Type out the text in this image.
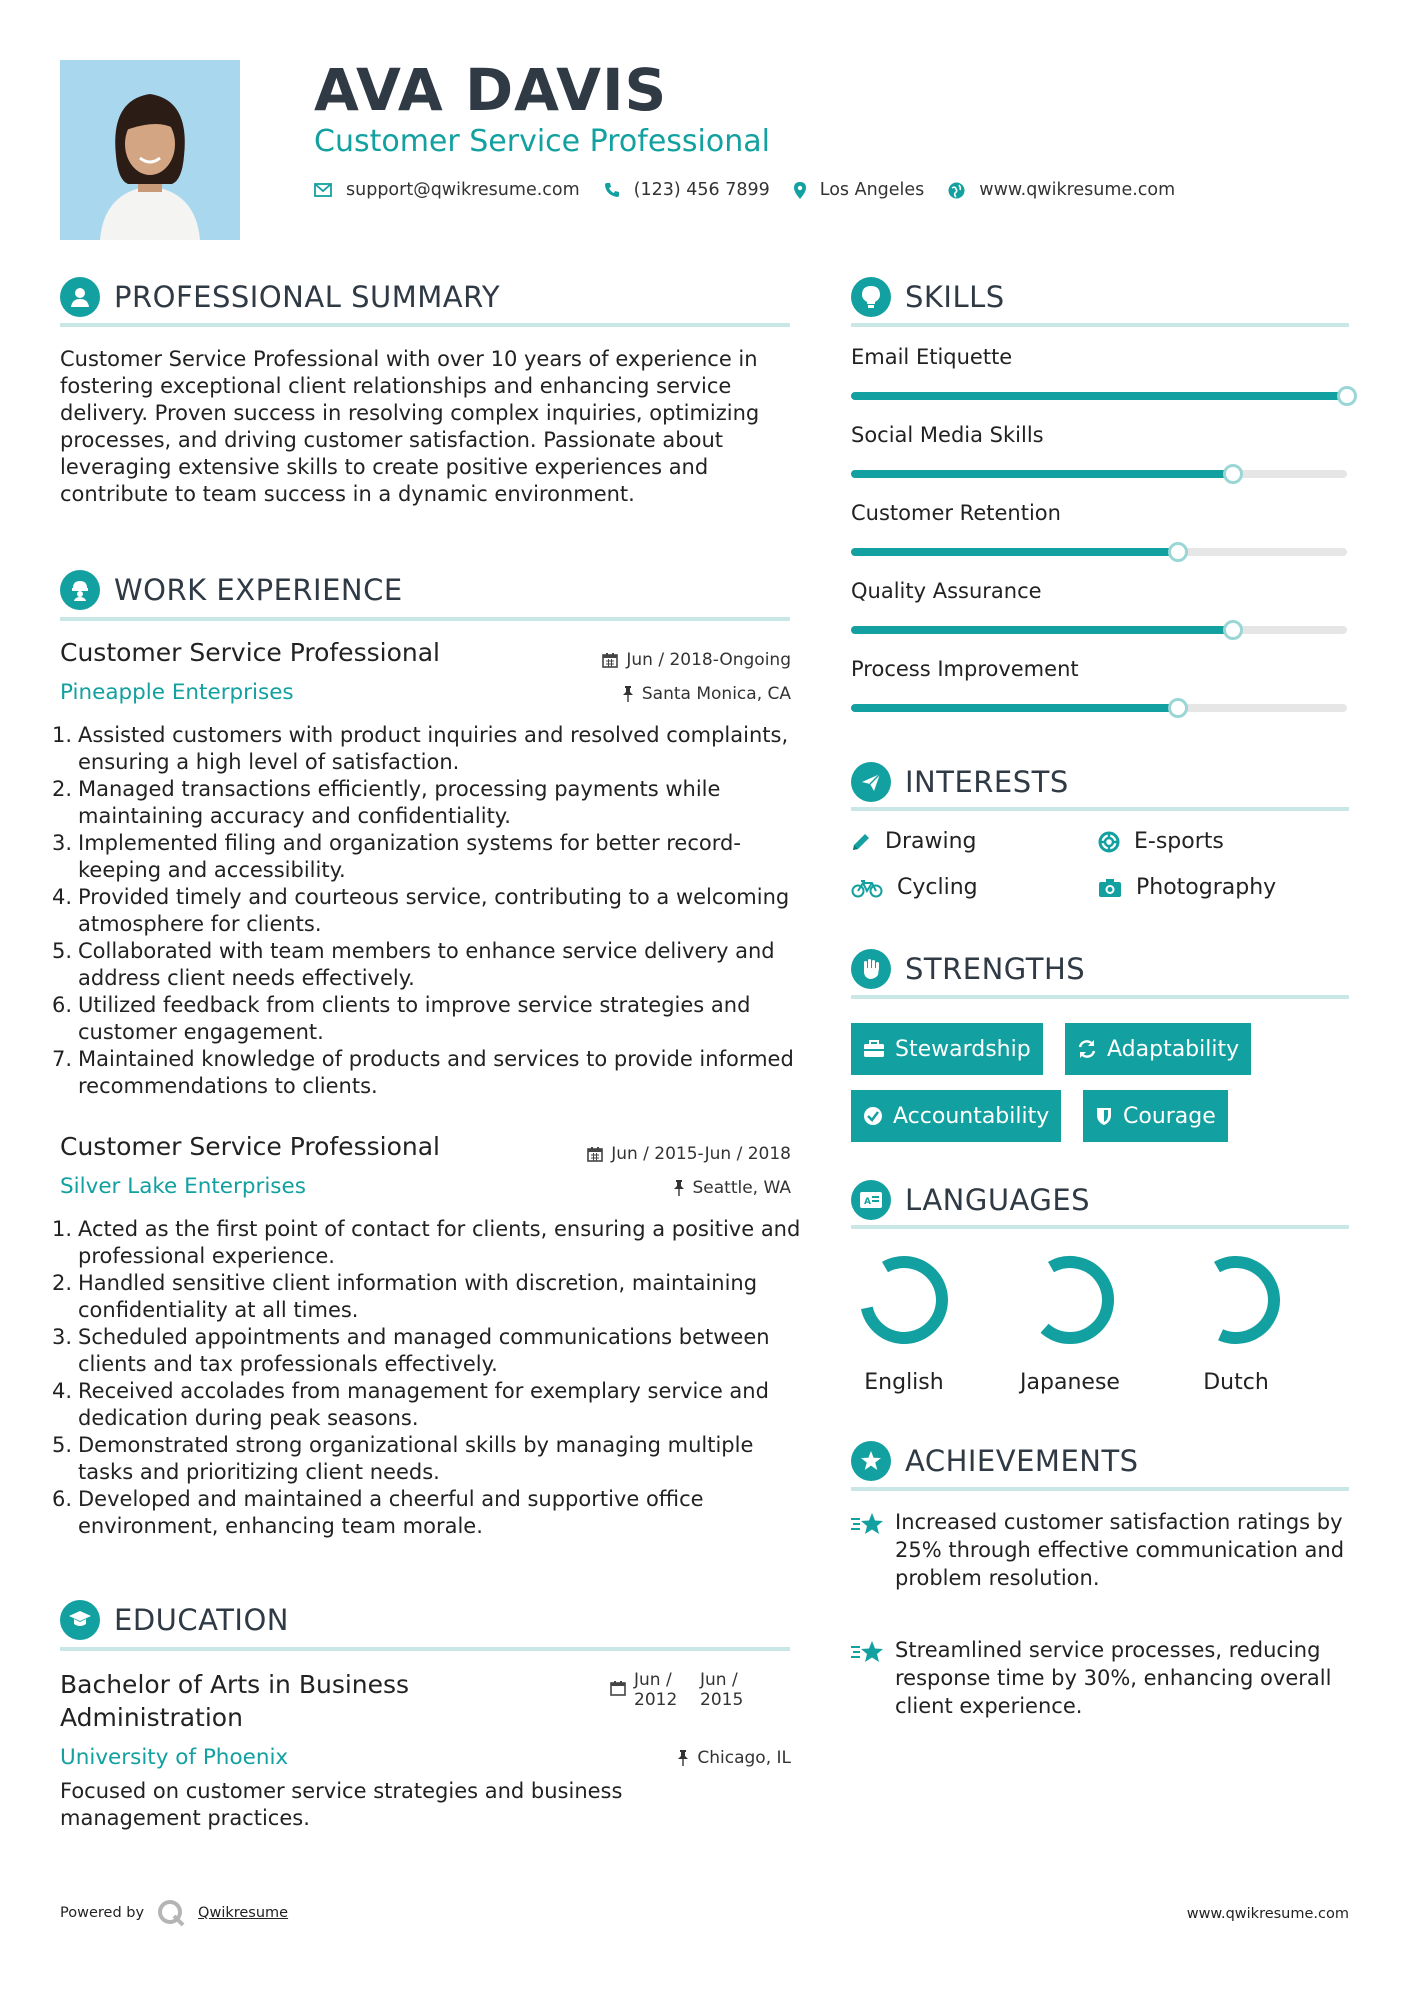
AVA DAVIS
Customer Service Professional
support@qwikresume.com	(123) 456 7899	Los Angeles	www.qwikresume.com
PROFESSIONAL SUMMARY
Customer Service Professional with over 10 years of experience in fostering exceptional client relationships and enhancing service delivery. Proven success in resolving complex inquiries, optimizing processes, and driving customer satisfaction. Passionate about leveraging extensive skills to create positive experiences and contribute to team success in a dynamic environment.
WORK EXPERIENCE
Customer Service Professional	Jun / 2018-Ongoing
Pineapple Enterprises	Santa Monica, CA
1. Assisted customers with product inquiries and resolved complaints, ensuring a high level of satisfaction.
2. Managed transactions efficiently, processing payments while maintaining accuracy and confidentiality.
3. Implemented filing and organization systems for better record-keeping and accessibility.
4. Provided timely and courteous service, contributing to a welcoming atmosphere for clients.
5. Collaborated with team members to enhance service delivery and address client needs effectively.
6. Utilized feedback from clients to improve service strategies and customer engagement.
7. Maintained knowledge of products and services to provide informed recommendations to clients.
Customer Service Professional	Jun / 2015-Jun / 2018
Silver Lake Enterprises	Seattle, WA
1. Acted as the first point of contact for clients, ensuring a positive and professional experience.
2. Handled sensitive client information with discretion, maintaining confidentiality at all times.
3. Scheduled appointments and managed communications between clients and tax professionals effectively.
4. Received accolades from management for exemplary service and dedication during peak seasons.
5. Demonstrated strong organizational skills by managing multiple tasks and prioritizing client needs.
6. Developed and maintained a cheerful and supportive office environment, enhancing team morale.
EDUCATION
Bachelor of Arts in Business Administration
Jun / 2012
Jun / 2015
University of Phoenix	Chicago, IL
Focused on customer service strategies and business management practices.
SKILLS
Email Etiquette
Social Media Skills
Customer Retention
Quality Assurance
Process Improvement
INTERESTS
Drawing	E-sports
Cycling	Photography
STRENGTHS
Stewardship	Adaptability
Accountability	Courage
A LANGUAGES
English	Japanese	Dutch
ACHIEVEMENTS
Increased customer satisfaction ratings by 25% through effective communication and problem resolution.
Streamlined service processes, reducing response time by 30%, enhancing overall client experience.
Powered by	Qwikresume	www.qwikresume.com
